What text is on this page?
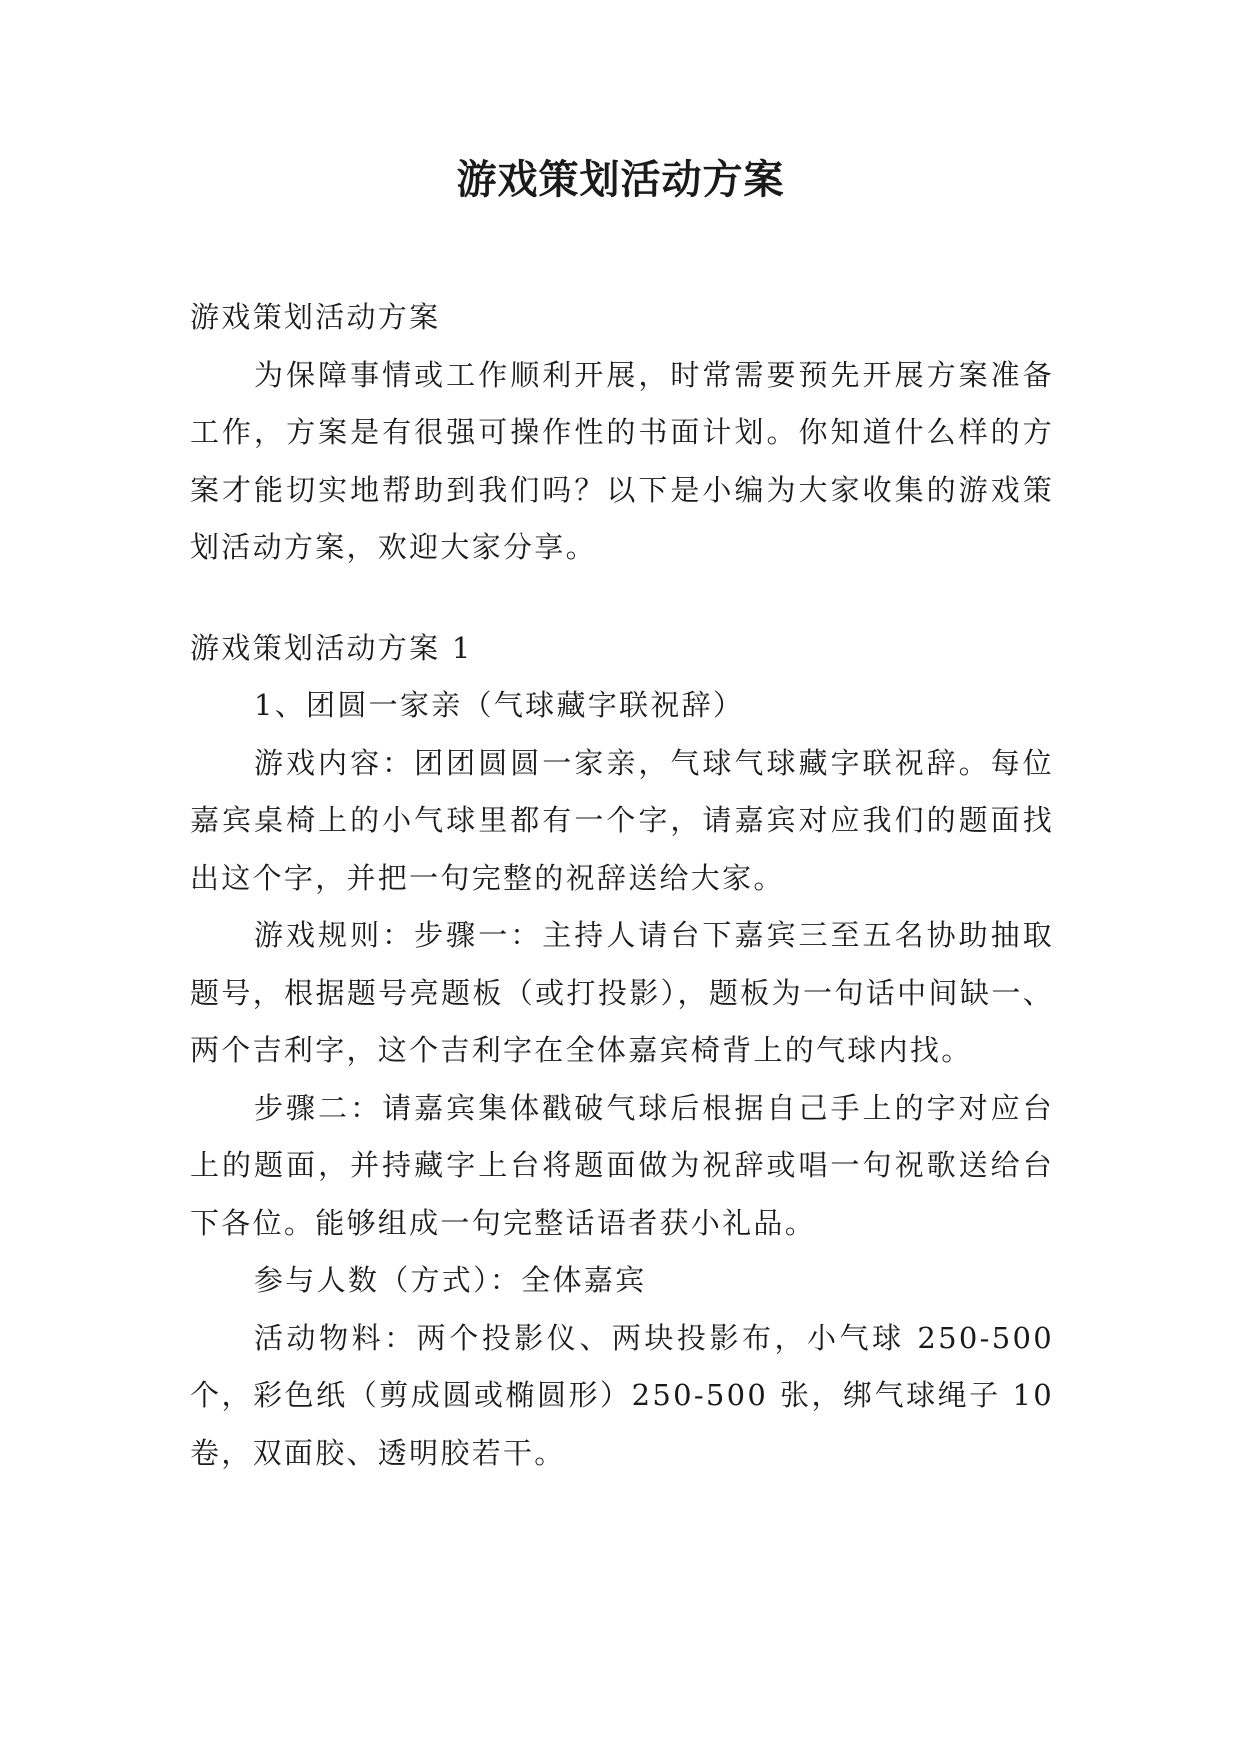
游戏策划活动方案

游戏策划活动方案

为保障事情或工作顺利开展，时常需要预先开展方案准备工作，方案是有很强可操作性的书面计划。你知道什么样的方案才能切实地帮助到我们吗？以下是小编为大家收集的游戏策划活动方案，欢迎大家分享。

游戏策划活动方案 1

1、团圆一家亲（气球藏字联祝辞）

游戏内容：团团圆圆一家亲，气球气球藏字联祝辞。每位嘉宾桌椅上的小气球里都有一个字，请嘉宾对应我们的题面找出这个字，并把一句完整的祝辞送给大家。

游戏规则：步骤一：主持人请台下嘉宾三至五名协助抽取题号，根据题号亮题板（或打投影），题板为一句话中间缺一、两个吉利字，这个吉利字在全体嘉宾椅背上的气球内找。

步骤二：请嘉宾集体戳破气球后根据自己手上的字对应台上的题面，并持藏字上台将题面做为祝辞或唱一句祝歌送给台下各位。能够组成一句完整话语者获小礼品。

参与人数（方式）：全体嘉宾

活动物料：两个投影仪、两块投影布，小气球 250-500 个，彩色纸（剪成圆或椭圆形）250-500 张，绑气球绳子 10 卷，双面胶、透明胶若干。
